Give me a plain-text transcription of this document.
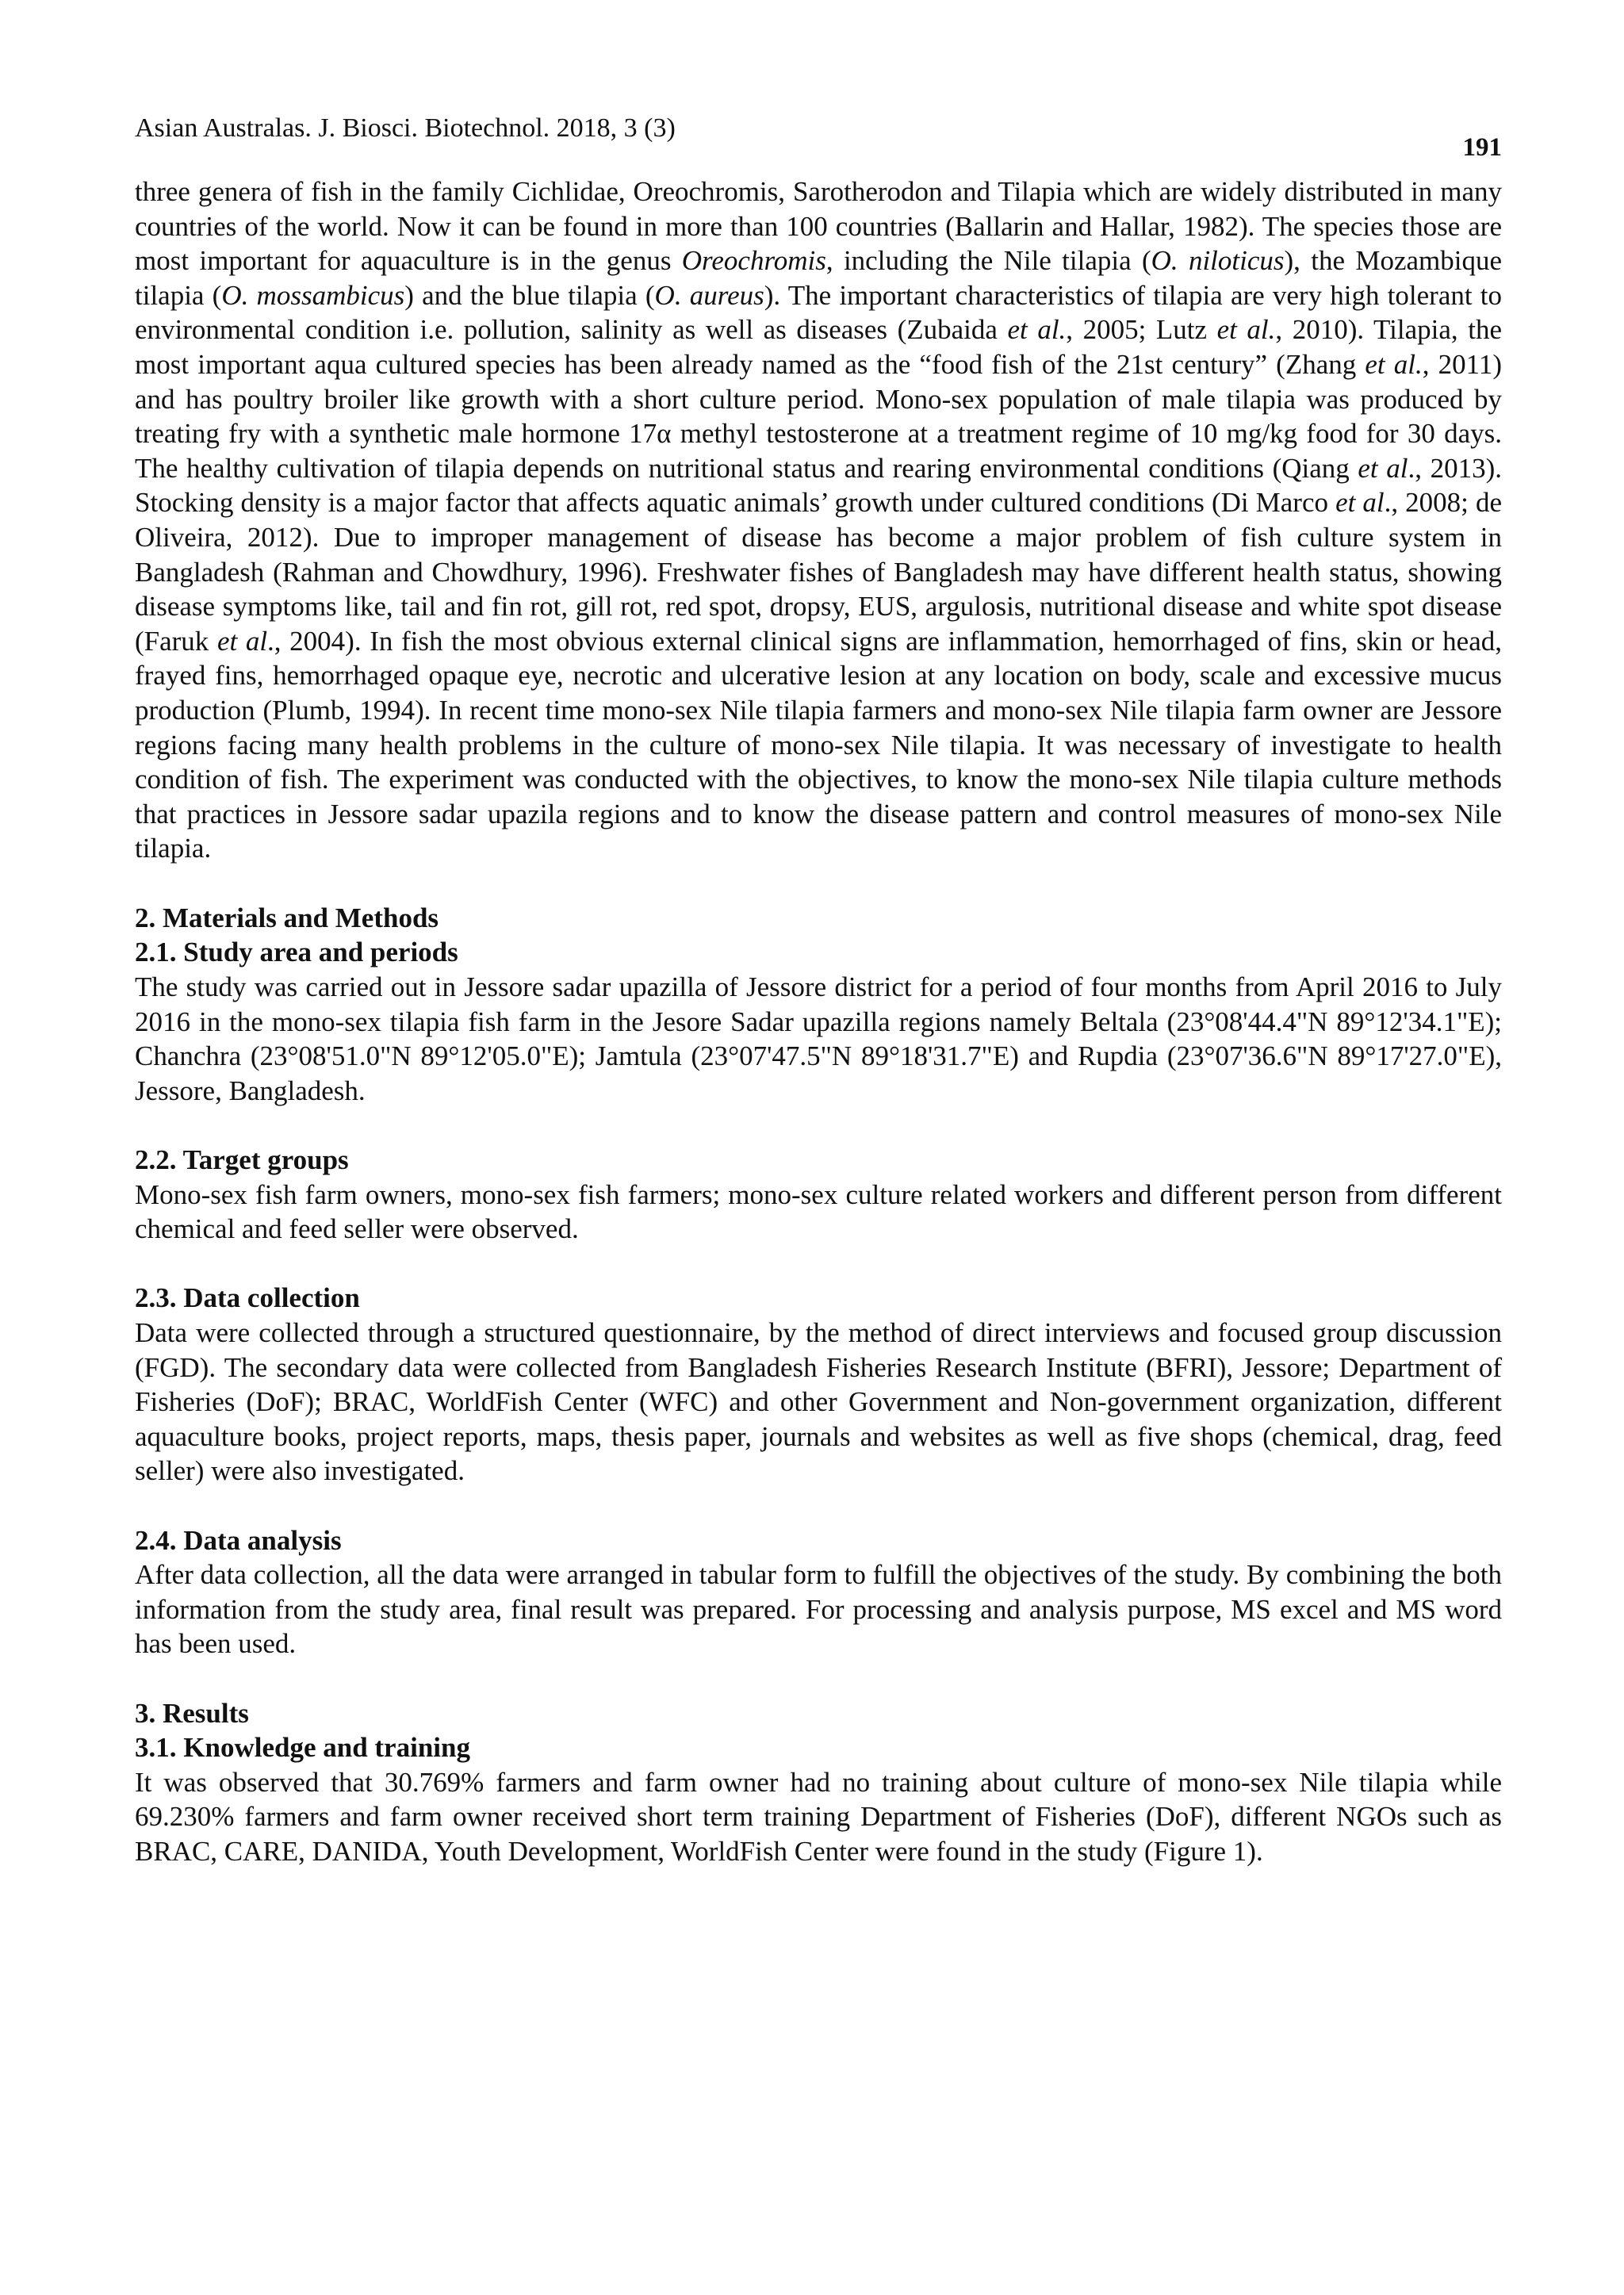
Asian Australas. J. Biosci. Biotechnol. 2018, 3 (3)
191

three genera of fish in the family Cichlidae, Oreochromis, Sarotherodon and Tilapia which are widely distributed in many countries of the world. Now it can be found in more than 100 countries (Ballarin and Hallar, 1982). The species those are most important for aquaculture is in the genus Oreochromis, including the Nile tilapia (O. niloticus), the Mozambique tilapia (O. mossambicus) and the blue tilapia (O. aureus). The important characteristics of tilapia are very high tolerant to environmental condition i.e. pollution, salinity as well as diseases (Zubaida et al., 2005; Lutz et al., 2010). Tilapia, the most important aqua cultured species has been already named as the “food fish of the 21st century” (Zhang et al., 2011) and has poultry broiler like growth with a short culture period. Mono-sex population of male tilapia was produced by treating fry with a synthetic male hormone 17α methyl testosterone at a treatment regime of 10 mg/kg food for 30 days. The healthy cultivation of tilapia depends on nutritional status and rearing environmental conditions (Qiang et al., 2013). Stocking density is a major factor that affects aquatic animals’ growth under cultured conditions (Di Marco et al., 2008; de Oliveira, 2012). Due to improper management of disease has become a major problem of fish culture system in Bangladesh (Rahman and Chowdhury, 1996). Freshwater fishes of Bangladesh may have different health status, showing disease symptoms like, tail and fin rot, gill rot, red spot, dropsy, EUS, argulosis, nutritional disease and white spot disease (Faruk et al., 2004). In fish the most obvious external clinical signs are inflammation, hemorrhaged of fins, skin or head, frayed fins, hemorrhaged opaque eye, necrotic and ulcerative lesion at any location on body, scale and excessive mucus production (Plumb, 1994). In recent time mono-sex Nile tilapia farmers and mono-sex Nile tilapia farm owner are Jessore regions facing many health problems in the culture of mono-sex Nile tilapia. It was necessary of investigate to health condition of fish. The experiment was conducted with the objectives, to know the mono-sex Nile tilapia culture methods that practices in Jessore sadar upazila regions and to know the disease pattern and control measures of mono-sex Nile tilapia.

2. Materials and Methods
2.1. Study area and periods

The study was carried out in Jessore sadar upazilla of Jessore district for a period of four months from April 2016 to July 2016 in the mono-sex tilapia fish farm in the Jesore Sadar upazilla regions namely Beltala (23°08'44.4"N 89°12'34.1"E); Chanchra (23°08'51.0"N 89°12'05.0"E); Jamtula (23°07'47.5"N 89°18'31.7"E) and Rupdia (23°07'36.6"N 89°17'27.0"E), Jessore, Bangladesh.

2.2. Target groups

Mono-sex fish farm owners, mono-sex fish farmers; mono-sex culture related workers and different person from different chemical and feed seller were observed.

2.3. Data collection

Data were collected through a structured questionnaire, by the method of direct interviews and focused group discussion (FGD). The secondary data were collected from Bangladesh Fisheries Research Institute (BFRI), Jessore; Department of Fisheries (DoF); BRAC, WorldFish Center (WFC) and other Government and Non-government organization, different aquaculture books, project reports, maps, thesis paper, journals and websites as well as five shops (chemical, drag, feed seller) were also investigated.

2.4. Data analysis

After data collection, all the data were arranged in tabular form to fulfill the objectives of the study. By combining the both information from the study area, final result was prepared. For processing and analysis purpose, MS excel and MS word has been used.

3. Results
3.1. Knowledge and training

It was observed that 30.769% farmers and farm owner had no training about culture of mono-sex Nile tilapia while 69.230% farmers and farm owner received short term training Department of Fisheries (DoF), different NGOs such as BRAC, CARE, DANIDA, Youth Development, WorldFish Center were found in the study (Figure 1).
